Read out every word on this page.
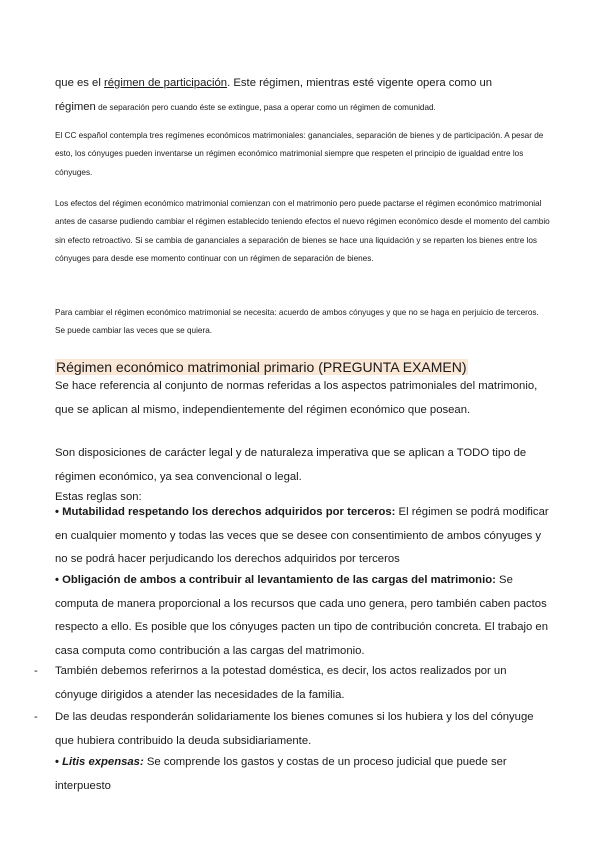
que es el régimen de participación. Este régimen, mientras esté vigente opera como un
régimen de separación pero cuando éste se extingue, pasa a operar como un régimen de comunidad.
El CC español contempla tres regímenes económicos matrimoniales: gananciales, separación de bienes y de participación. A pesar de esto, los cónyuges pueden inventarse un régimen económico matrimonial siempre que respeten el principio de igualdad entre los cónyuges.
Los efectos del régimen económico matrimonial comienzan con el matrimonio pero puede pactarse el régimen económico matrimonial antes de casarse pudiendo cambiar el régimen establecido teniendo efectos el nuevo régimen económico desde el momento del cambio sin efecto retroactivo. Si se cambia de gananciales a separación de bienes se hace una liquidación y se reparten los bienes entre los cónyuges para desde ese momento continuar con un régimen de separación de bienes.
Para cambiar el régimen económico matrimonial se necesita: acuerdo de ambos cónyuges y que no se haga en perjuicio de terceros. Se puede cambiar las veces que se quiera.
Régimen económico matrimonial primario (PREGUNTA EXAMEN)
Se hace referencia al conjunto de normas referidas a los aspectos patrimoniales del matrimonio, que se aplican al mismo, independientemente del régimen económico que posean.
Son disposiciones de carácter legal y de naturaleza imperativa que se aplican a TODO tipo de régimen económico, ya sea convencional o legal.
Estas reglas son:
• Mutabilidad respetando los derechos adquiridos por terceros: El régimen se podrá modificar en cualquier momento y todas las veces que se desee con consentimiento de ambos cónyuges y no se podrá hacer perjudicando los derechos adquiridos por terceros
• Obligación de ambos a contribuir al levantamiento de las cargas del matrimonio: Se computa de manera proporcional a los recursos que cada uno genera, pero también caben pactos respecto a ello. Es posible que los cónyuges pacten un tipo de contribución concreta. El trabajo en casa computa como contribución a las cargas del matrimonio.
- También debemos referirnos a la potestad doméstica, es decir, los actos realizados por un cónyuge dirigidos a atender las necesidades de la familia.
- De las deudas responderán solidariamente los bienes comunes si los hubiera y los del cónyuge que hubiera contribuido la deuda subsidiariamente.
• Litis expensas: Se comprende los gastos y costas de un proceso judicial que puede ser interpuesto
